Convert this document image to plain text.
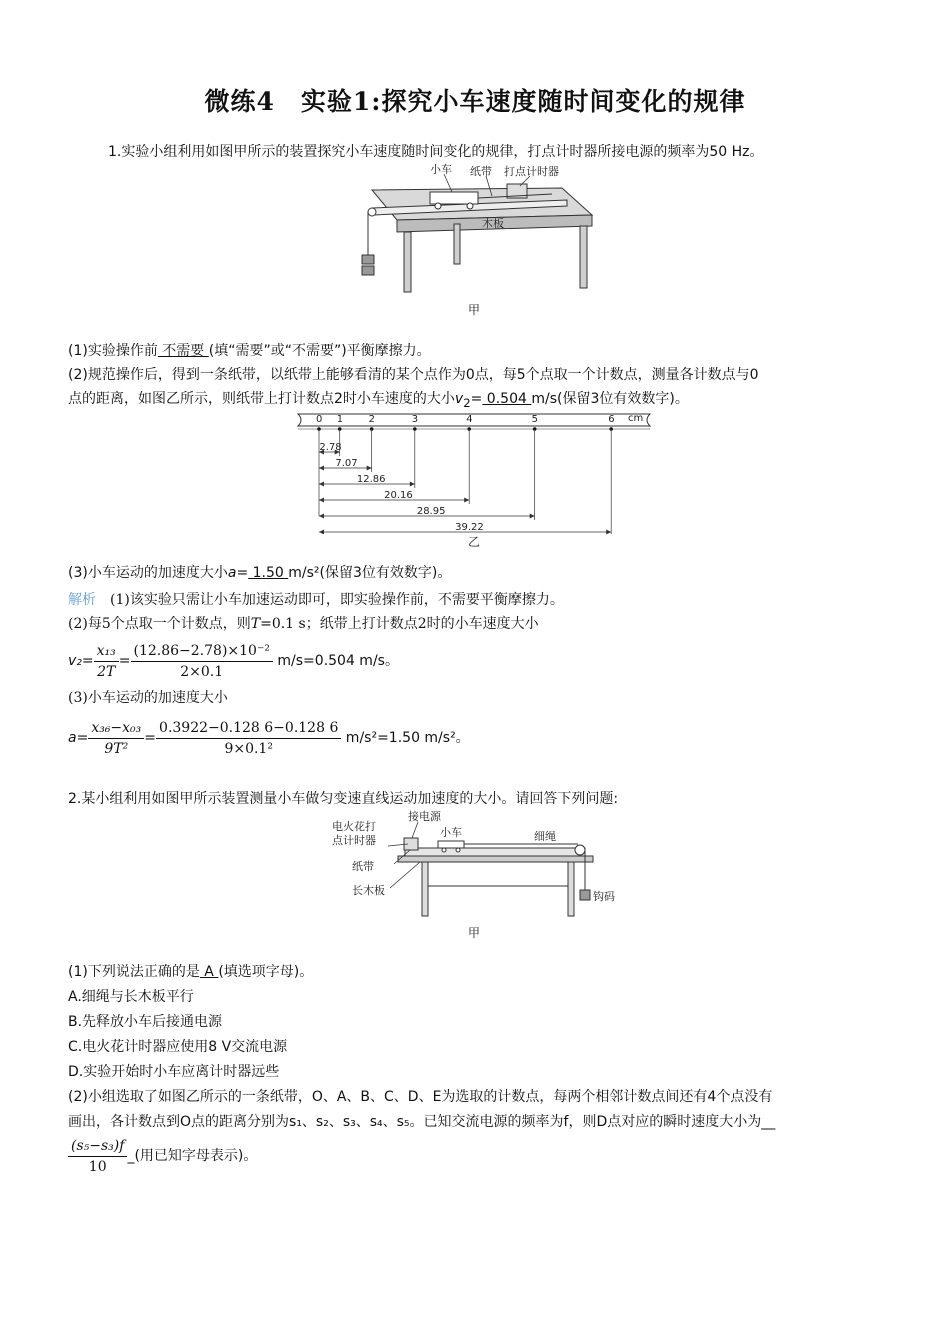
微练4　实验1:探究小车速度随时间变化的规律
1.实验小组利用如图甲所示的装置探究小车速度随时间变化的规律，打点计时器所接电源的频率为50 Hz。
小车 纸带 打点计时器
木板
甲
(1)实验操作前 不需要 (填“需要”或“不需要”)平衡摩擦力。
(2)规范操作后，得到一条纸带，以纸带上能够看清的某个点作为0点，每5个点取一个计数点，测量各计数点与0
点的距离，如图乙所示，则纸带上打计数点2时小车速度的大小$v_2= 0.504$ m/s(保留3位有效数字)。
0 1	2	3	4	5	6
2.78
7.07
12.86
20.16
28.95
39.22
cm
乙
(3)小车运动的加速度大小a= 1.50 m/s²(保留3位有效数字)。
解析　 (1)该实验只需让小车加速运动即可，即实验操作前，不需要平衡摩擦力。
(2)每5个点取一个计数点，则T=0.1 s；纸带上打计数点2时的小车速度大小
$v_2= \frac{\text{x₁₃}}{2T} = \frac{\text{(12.86−2.78)×10⁻²}}{2\times 0.1} m/s=0.504$ m/s。
(3)小车运动的加速度大小
$a= \frac{\text{x₃₆−x₀₃}}{\text{9T²}} = \frac{0.3922-0.128 6-0.128 6}{\text{9×0.1²}} m/s^2=1.50$ m/s²。
2.某小组利用如图甲所示装置测量小车做匀变速直线运动加速度的大小。请回答下列问题:
电火花打
点计时器
接电源
小车	细绳
纸带
长木板	钩码
甲
(1)下列说法正确的是 A (填选项字母)。
A.细绳与长木板平行
B.先释放小车后接通电源
C.电火花计时器应使用8 V交流电源
D.实验开始时小车应离计时器远些
(2)小组选取了如图乙所示的一条纸带，O、A、B、C、D、E为选取的计数点，每两个相邻计数点间还有4个点没有
画出，各计数点到O点的距离分别为s₁、s₂、s₃、s₄、s₅。已知交流电源的频率为f，则D点对应的瞬时速度大小为__
$\frac{\text{(s₅−s₃)f}}{10}$ _(用已知字母表示)。
